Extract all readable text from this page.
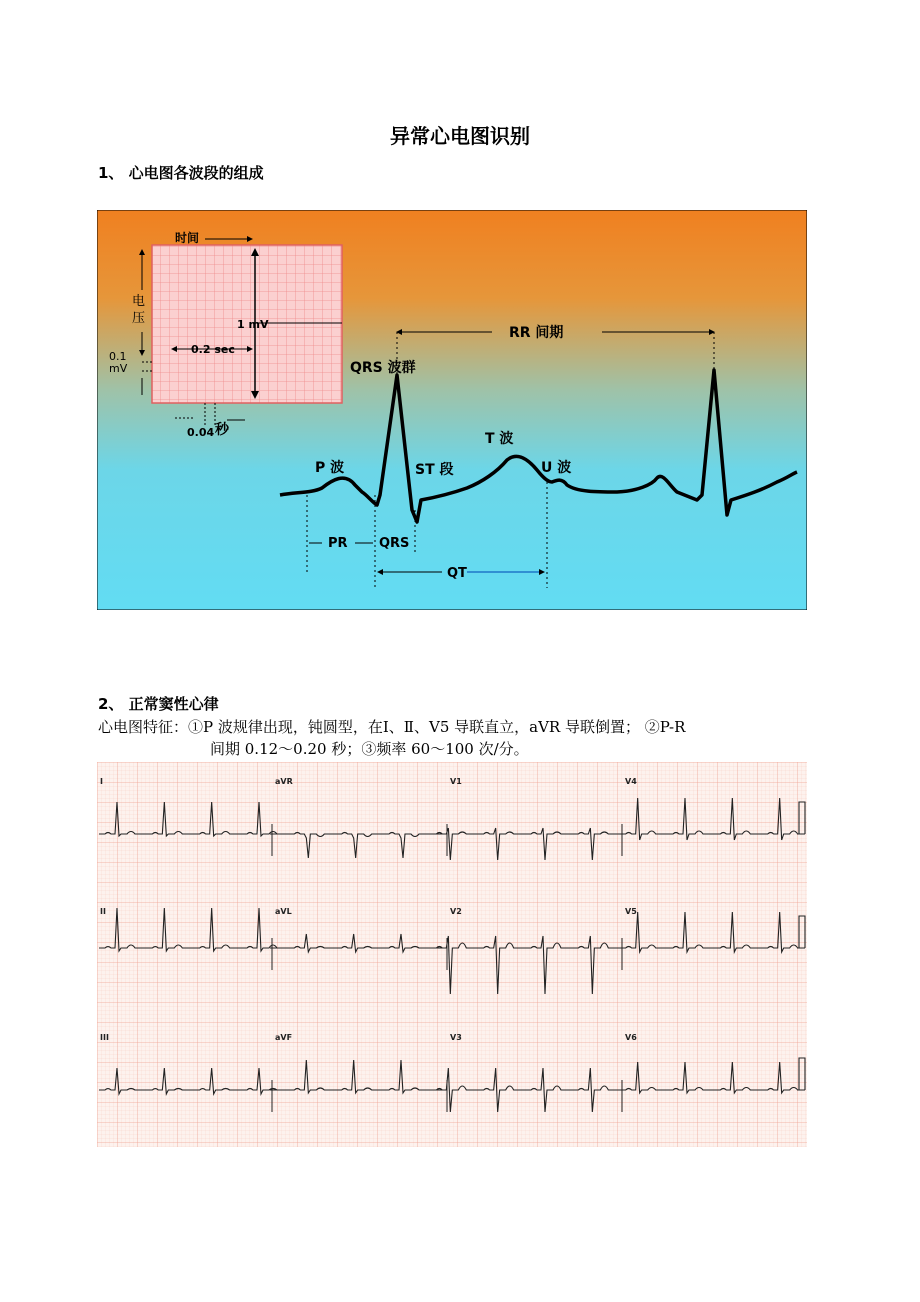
异常心电图识别
1、 心电图各波段的组成
时间
电
压	1 mV
0.2 sec
0.1
mV
0.04 秒
RR 间期
QRS 波群
P 波	ST 段
T 波
U 波
PR QRS
QT
2、 正常窦性心律
心电图特征：①P 波规律出现，钝圆型，在Ⅰ、Ⅱ、Ⅴ5 导联直立，aVR 导联倒置； ②P-R
间期 0.12～0.20 秒；③频率 60～100 次/分。
I	aVR	V1	V4
II	aVL	V2	V5
III	aVF	V3	V6
